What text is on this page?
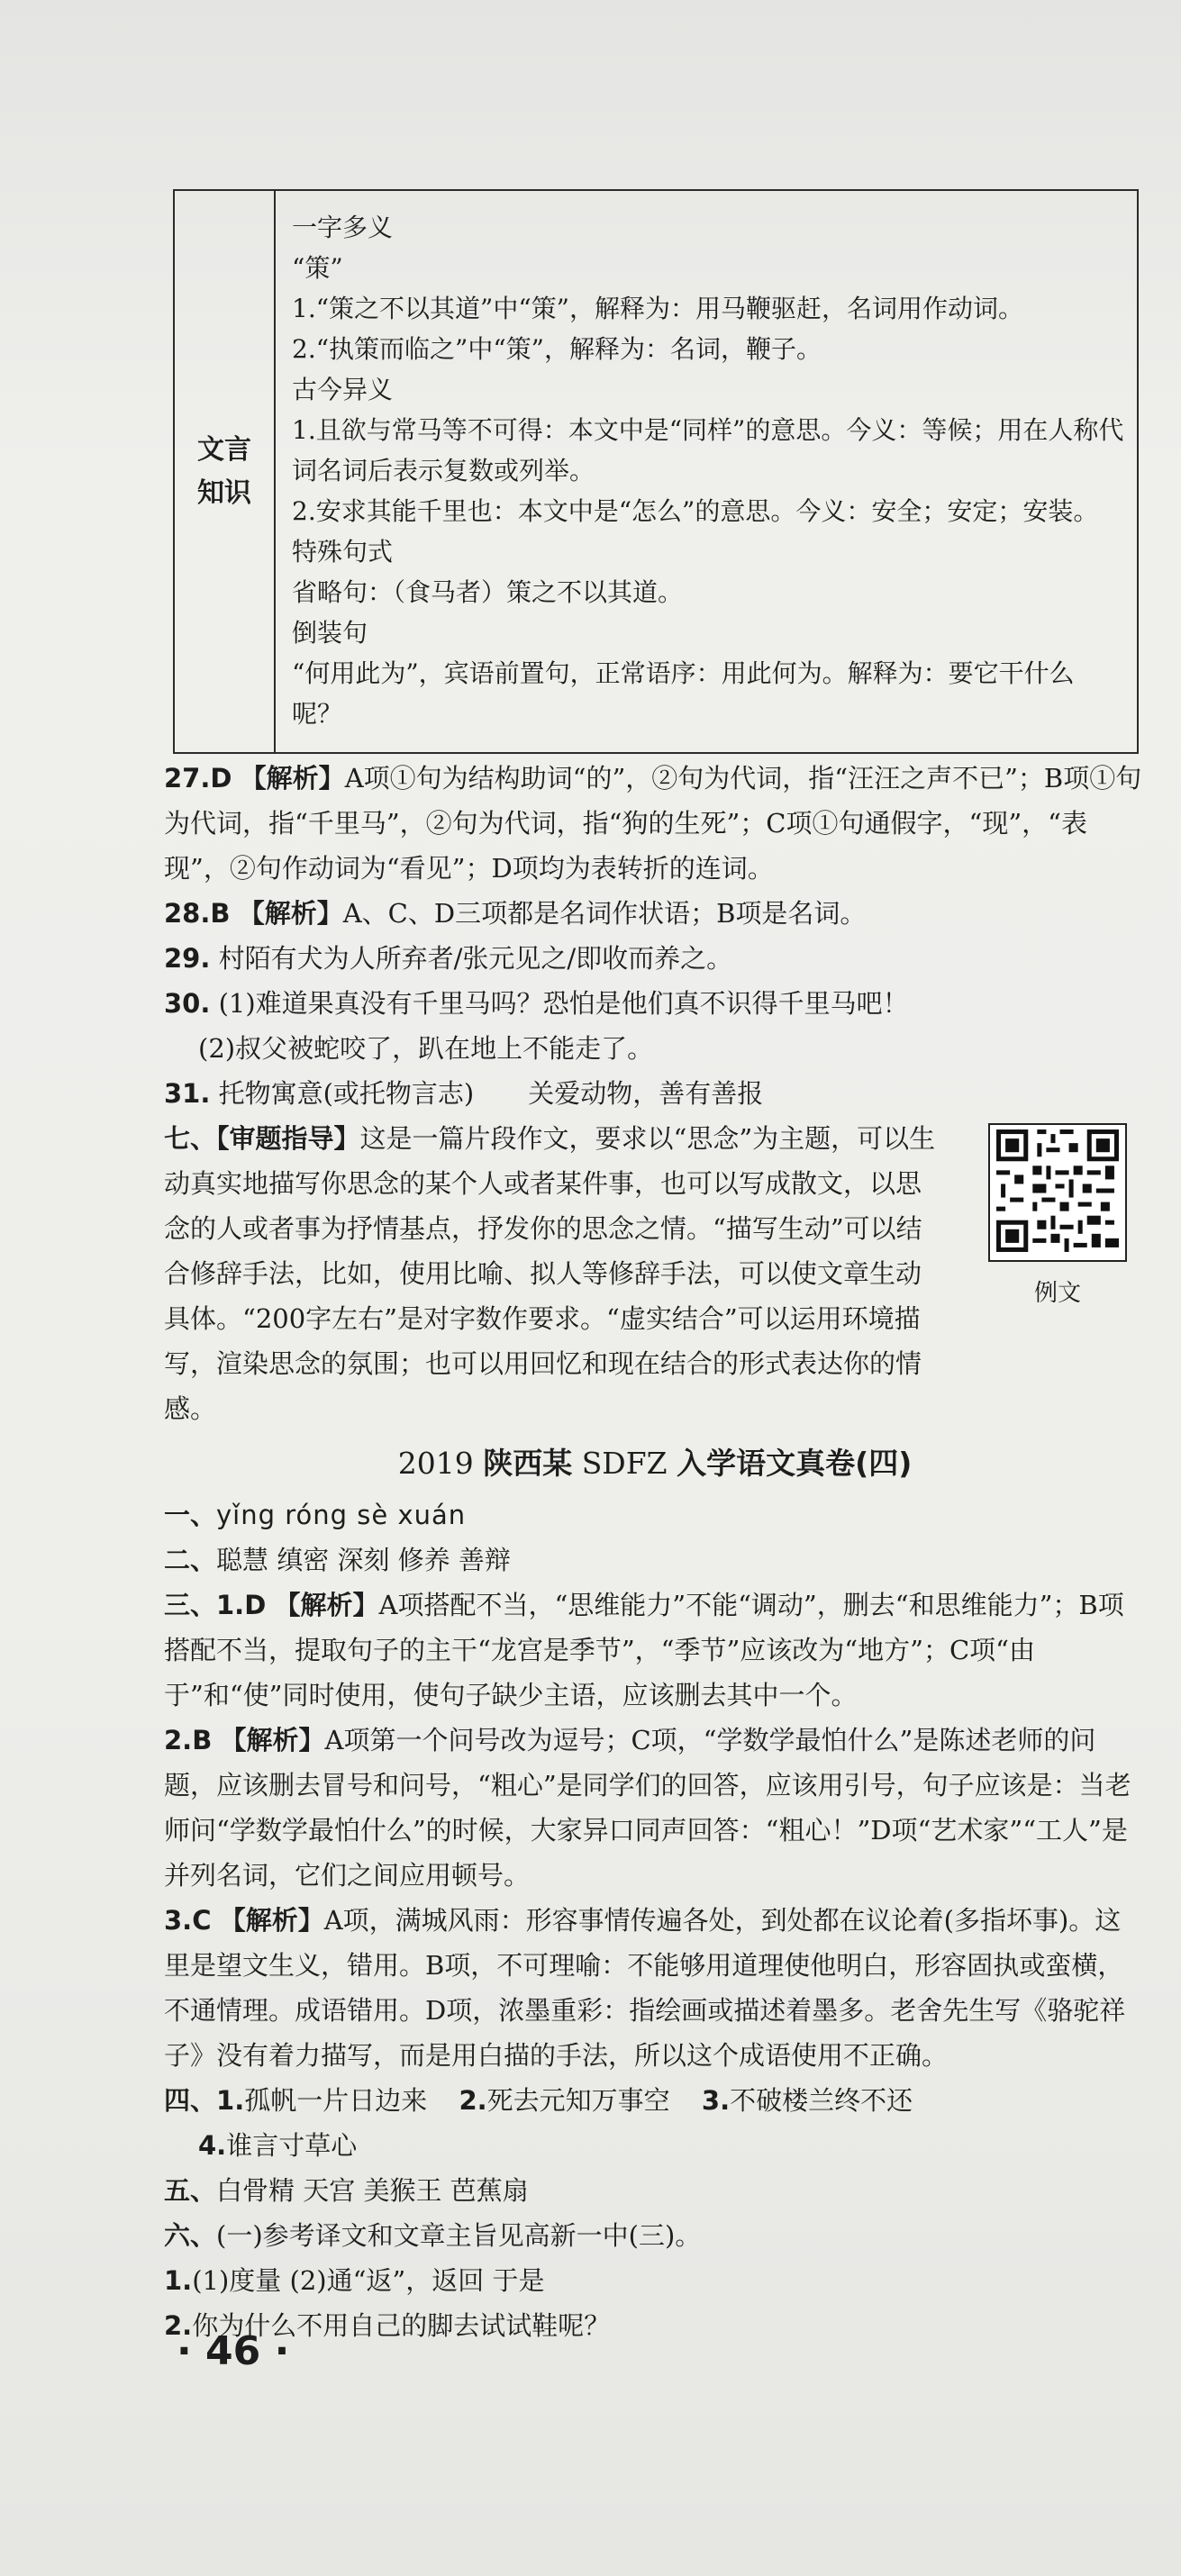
文言知识
一字多义
“策”
1.“策之不以其道”中“策”，解释为：用马鞭驱赶，名词用作动词。
2.“执策而临之”中“策”，解释为：名词，鞭子。
古今异义
1.且欲与常马等不可得：本文中是“同样”的意思。今义：等候；用在人称代词名词后表示复数或列举。
2.安求其能千里也：本文中是“怎么”的意思。今义：安全；安定；安装。
特殊句式
省略句：（食马者）策之不以其道。
倒装句
“何用此为”，宾语前置句，正常语序：用此何为。解释为：要它干什么呢？
27.D 【解析】A项①句为结构助词“的”，②句为代词，指“汪汪之声不已”；B项①句为代词，指“千里马”，②句为代词，指“狗的生死”；C项①句通假字，“现”，“表现”，②句作动词为“看见”；D项均为表转折的连词。
28.B 【解析】A、C、D三项都是名词作状语；B项是名词。
29. 村陌有犬为人所弃者/张元见之/即收而养之。
30. (1)难道果真没有千里马吗？恐怕是他们真不识得千里马吧！
(2)叔父被蛇咬了，趴在地上不能走了。
31. 托物寓意(或托物言志) 关爱动物，善有善报
七、【审题指导】这是一篇片段作文，要求以“思念”为主题，可以生动真实地描写你思念的某个人或者某件事，也可以写成散文，以思念的人或者事为抒情基点，抒发你的思念之情。“描写生动”可以结合修辞手法，比如，使用比喻、拟人等修辞手法，可以使文章生动具体。“200字左右”是对字数作要求。“虚实结合”可以运用环境描写，渲染思念的氛围；也可以用回忆和现在结合的形式表达你的情感。
例文
2019 陕西某 SDFZ 入学语文真卷(四)
一、yǐng róng sè xuán
二、聪慧 缜密 深刻 修养 善辩
三、1.D 【解析】A项搭配不当，“思维能力”不能“调动”，删去“和思维能力”；B项搭配不当，提取句子的主干“龙宫是季节”，“季节”应该改为“地方”；C项“由于”和“使”同时使用，使句子缺少主语，应该删去其中一个。
2.B 【解析】A项第一个问号改为逗号；C项，“学数学最怕什么”是陈述老师的问题，应该删去冒号和问号，“粗心”是同学们的回答，应该用引号，句子应该是：当老师问“学数学最怕什么”的时候，大家异口同声回答：“粗心！”D项“艺术家”“工人”是并列名词，它们之间应用顿号。
3.C 【解析】A项，满城风雨：形容事情传遍各处，到处都在议论着(多指坏事)。这里是望文生义，错用。B项，不可理喻：不能够用道理使他明白，形容固执或蛮横，不通情理。成语错用。D项，浓墨重彩：指绘画或描述着墨多。老舍先生写《骆驼祥子》没有着力描写，而是用白描的手法，所以这个成语使用不正确。
四、1.孤帆一片日边来 2.死去元知万事空 3.不破楼兰终不还
4.谁言寸草心
五、白骨精 天宫 美猴王 芭蕉扇
六、(一)参考译文和文章主旨见高新一中(三)。
1.(1)度量 (2)通“返”，返回 于是
2.你为什么不用自己的脚去试试鞋呢？
· 46 ·
